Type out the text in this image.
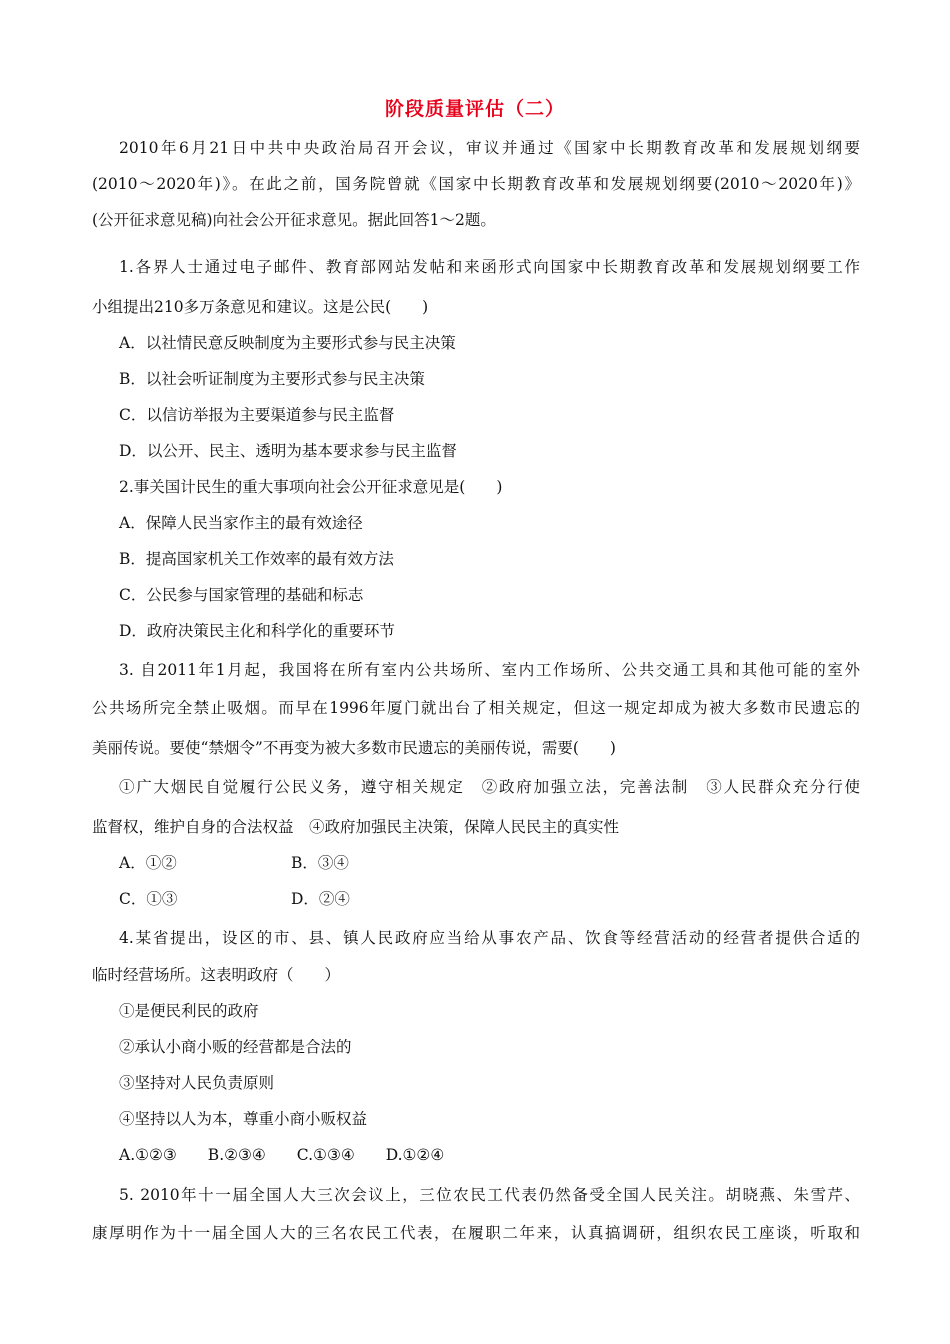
阶段质量评估（二）
2010年6月21日中共中央政治局召开会议，审议并通过《国家中长期教育改革和发展规划纲要
(2010～2020年)》。在此之前，国务院曾就《国家中长期教育改革和发展规划纲要(2010～2020年)》
(公开征求意见稿)向社会公开征求意见。据此回答1～2题。
1.各界人士通过电子邮件、教育部网站发帖和来函形式向国家中长期教育改革和发展规划纲要工作
小组提出210多万条意见和建议。这是公民(　　)
A．以社情民意反映制度为主要形式参与民主决策
B．以社会听证制度为主要形式参与民主决策
C．以信访举报为主要渠道参与民主监督
D．以公开、民主、透明为基本要求参与民主监督
2.事关国计民生的重大事项向社会公开征求意见是(　　)
A．保障人民当家作主的最有效途径
B．提高国家机关工作效率的最有效方法
C．公民参与国家管理的基础和标志
D．政府决策民主化和科学化的重要环节
3. 自2011年1月起，我国将在所有室内公共场所、室内工作场所、公共交通工具和其他可能的室外
公共场所完全禁止吸烟。而早在1996年厦门就出台了相关规定，但这一规定却成为被大多数市民遗忘的
美丽传说。要使“禁烟令”不再变为被大多数市民遗忘的美丽传说，需要(　　)
①广大烟民自觉履行公民义务，遵守相关规定　②政府加强立法，完善法制　③人民群众充分行使
监督权，维护自身的合法权益　④政府加强民主决策，保障人民民主的真实性
A．①②	B．③④
C．①③	D．②④
4.某省提出，设区的市、县、镇人民政府应当给从事农产品、饮食等经营活动的经营者提供合适的
临时经营场所。这表明政府（　　）
①是便民利民的政府
②承认小商小贩的经营都是合法的
③坚持对人民负责原则
④坚持以人为本，尊重小商小贩权益
A.①②③　　B.②③④　　C.①③④　　D.①②④
5. 2010年十一届全国人大三次会议上，三位农民工代表仍然备受全国人民关注。胡晓燕、朱雪芹、
康厚明作为十一届全国人大的三名农民工代表，在履职二年来，认真搞调研，组织农民工座谈，听取和
